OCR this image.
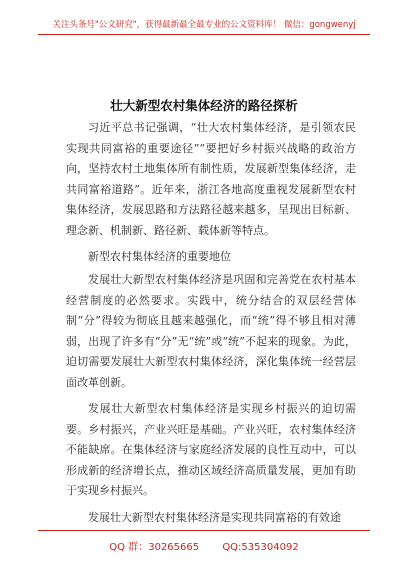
关注头条号"公文研究"，获得最新最全最专业的公文资料库！ 微信：gongwenyj
壮大新型农村集体经济的路径探析
习近平总书记强调，“壮大农村集体经济，是引领农民实现共同富裕的重要途径”“要把好乡村振兴战略的政治方向，坚持农村土地集体所有制性质，发展新型集体经济，走共同富裕道路”。近年来，浙江各地高度重视发展新型农村集体经济，发展思路和方法路径越来越多，呈现出目标新、理念新、机制新、路径新、载体新等特点。
新型农村集体经济的重要地位
发展壮大新型农村集体经济是巩固和完善党在农村基本经营制度的必然要求。实践中，统分结合的双层经营体制“分”得较为彻底且越来越强化，而“统”得不够且相对薄弱，出现了许多有“分”无“统”或“统”不起来的现象。为此，迫切需要发展壮大新型农村集体经济，深化集体统一经营层面改革创新。
发展壮大新型农村集体经济是实现乡村振兴的迫切需要。乡村振兴，产业兴旺是基础。产业兴旺，农村集体经济不能缺席。在集体经济与家庭经济发展的良性互动中，可以形成新的经济增长点，推动区域经济高质量发展，更加有助于实现乡村振兴。
发展壮大新型农村集体经济是实现共同富裕的有效途
QQ 群：30265665 QQ:535304092
